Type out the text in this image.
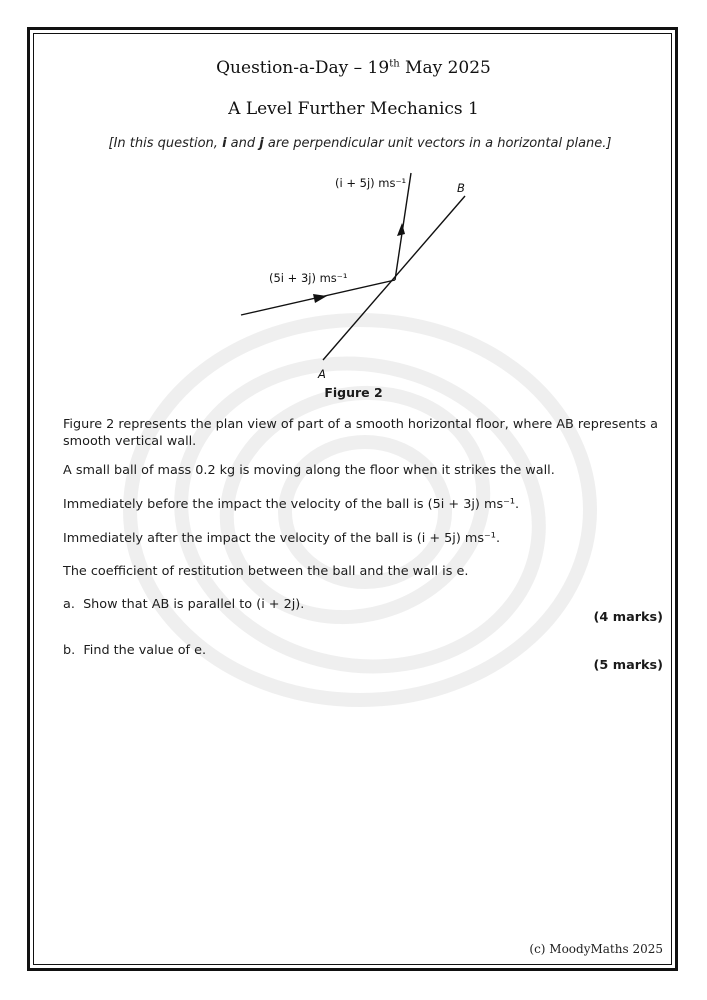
Question-a-Day – 19th May 2025
A Level Further Mechanics 1
[In this question, i and j are perpendicular unit vectors in a horizontal plane.]
(i + 5j) ms⁻¹
(5i + 3j) ms⁻¹
B
A
Figure 2
Figure 2 represents the plan view of part of a smooth horizontal floor, where AB represents a smooth vertical wall.
A small ball of mass 0.2 kg is moving along the floor when it strikes the wall.
Immediately before the impact the velocity of the ball is (5i + 3j) ms⁻¹.
Immediately after the impact the velocity of the ball is (i + 5j) ms⁻¹.
The coefficient of restitution between the ball and the wall is e.
a. Show that AB is parallel to (i + 2j).
(4 marks)
b. Find the value of e.
(5 marks)
(c) MoodyMaths 2025
